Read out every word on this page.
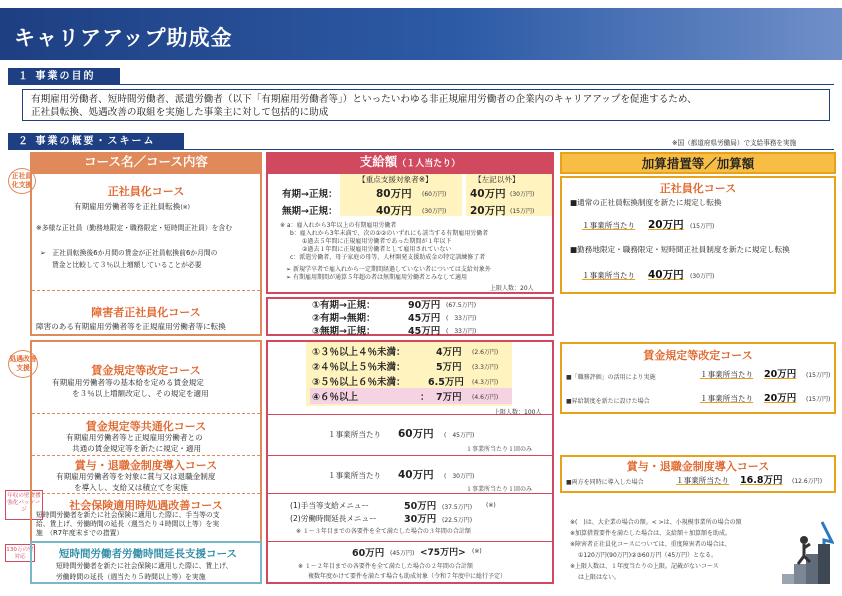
キャリアアップ助成金
１ 事業の目的
有期雇用労働者、短時間労働者、派遣労働者（以下「有期雇用労働者等」）といったいわゆる非正規雇用労働者の企業内のキャリアアップを促進するため、
正社員転換、処遇改善の取組を実施した事業主に対して包括的に助成
２ 事業の概要・スキーム	※国（都道府県労働局）で支給事務を実施
コース名／コース内容	支給額（１人当たり）	加算措置等／加算額
正社員化支援
処遇改善支援
年収の壁支援強化パッケージ
130万の壁対応
正社員化コース
有期雇用労働者等を正社員転換(※)
※多様な正社員（勤務地限定・職務限定・短時間正社員）を含む
➢　正社員転換後6か月間の賃金が正社員転換前6か月間の
賃金と比較して３％以上増額していることが必要
障害者正社員化コース
障害のある有期雇用労働者等を正規雇用労働者等に転換
賃金規定等改定コース
有期雇用労働者等の基本給を定める賃金規定
を３％以上増額改定し、その規定を適用
賃金規定等共通化コース
有期雇用労働者等と正規雇用労働者との
共通の賃金規定等を新たに規定・適用
賞与・退職金制度導入コース
有期雇用労働者等を対象に賞与又は退職金制度
を導入し、支給又は積立てを実施
社会保険適用時処遇改善コース
短時間労働者を新たに社会保険に適用した際に、手当等の支
給、賃上げ、労働時間の延長（週当たり４時間以上等）を実
施　（R7年度末までの措置）
短時間労働者労働時間延長支援コース
短時間労働者を新たに社会保険に適用した際に、賃上げ、
労働時間の延長（週当たり５時間以上等）を実施
【重点支援対象者※】	【左記以外】
有期→正規：	80万円 (60万円) 40万円 (30万円)
無期→正規：	40万円 (30万円) 20万円 (15万円)
※ a：雇入れから3年以上の有期雇用労働者
b：雇入れから3年未満で、次の①②のいずれにも該当する有期雇用労働者
①過去５年間に正規雇用労働者であった期間が１年以下
②過去１年間に正規雇用労働者として雇用されていない
c：派遣労働者、母子家庭の母等、人材開発支援助成金の特定訓練修了者
➢ 新規学卒者で雇入れから一定期間経過していない者については支給対象外
➢ 有期雇用期間が通算５年超の者は無期雇用労働者とみなして適用
上限人数：20人
①有期→正規：	90万円 (67.5万円)
②有期→無期：	45万円 (　33万円)
③無期→正規：	45万円 (　33万円)
①３％以上４％未満：	4万円 (2.6万円)
②４％以上５％未満：	5万円 (3.3万円)
③５％以上６％未満： 6.5万円 (4.3万円)
④６％以上	： 7万円 (4.6万円)
上限人数：100人
１事業所当たり 60万円 (　45万円)
１事業所当たり１回のみ
１事業所当たり 40万円 (　30万円)
１事業所当たり１回のみ
(1)手当等支給メニュー	50万円 (37.5万円) (※)
(2)労働時間延長メニュー	30万円 (22.5万円)
※ １～３年目までの各要件を全て満たした場合の３年間の合計額
60万円 (45万円) <75万円> (※)
※ １～２年目までの各要件を全て満たした場合の２年間の合計額
複数年度かけて要件を満たす場合も助成対象（令和７年度中に総行予定）
正社員化コース
■通常の正社員転換制度を新たに規定し転換
１事業所当たり 20万円 (15万円)
■勤務地限定・職務限定・短時間正社員制度を新たに規定し転換
１事業所当たり 40万円 (30万円)
賃金規定等改定コース
■「職務評価」の活用により実施	１事業所当たり 20万円 (15万円)
■昇給制度を新たに設けた場合	１事業所当たり 20万円 (15万円)
賞与・退職金制度導入コース
■両方を同時に導入した場合	１事業所当たり 16.8万円 (12.6万円)
※(　)は、大企業の場合の額。< >は、小規模事業所の場合の額
※加算措置要件を満たした場合は、支給額＋加算額を助成。
※障害者正社員化コースについては、重度障害者の場合は、
①120万円(90万円)②③60万円（45万円）となる。
※上限人数は、１年度当たりの上限。記載がないコース
は上限はない。
